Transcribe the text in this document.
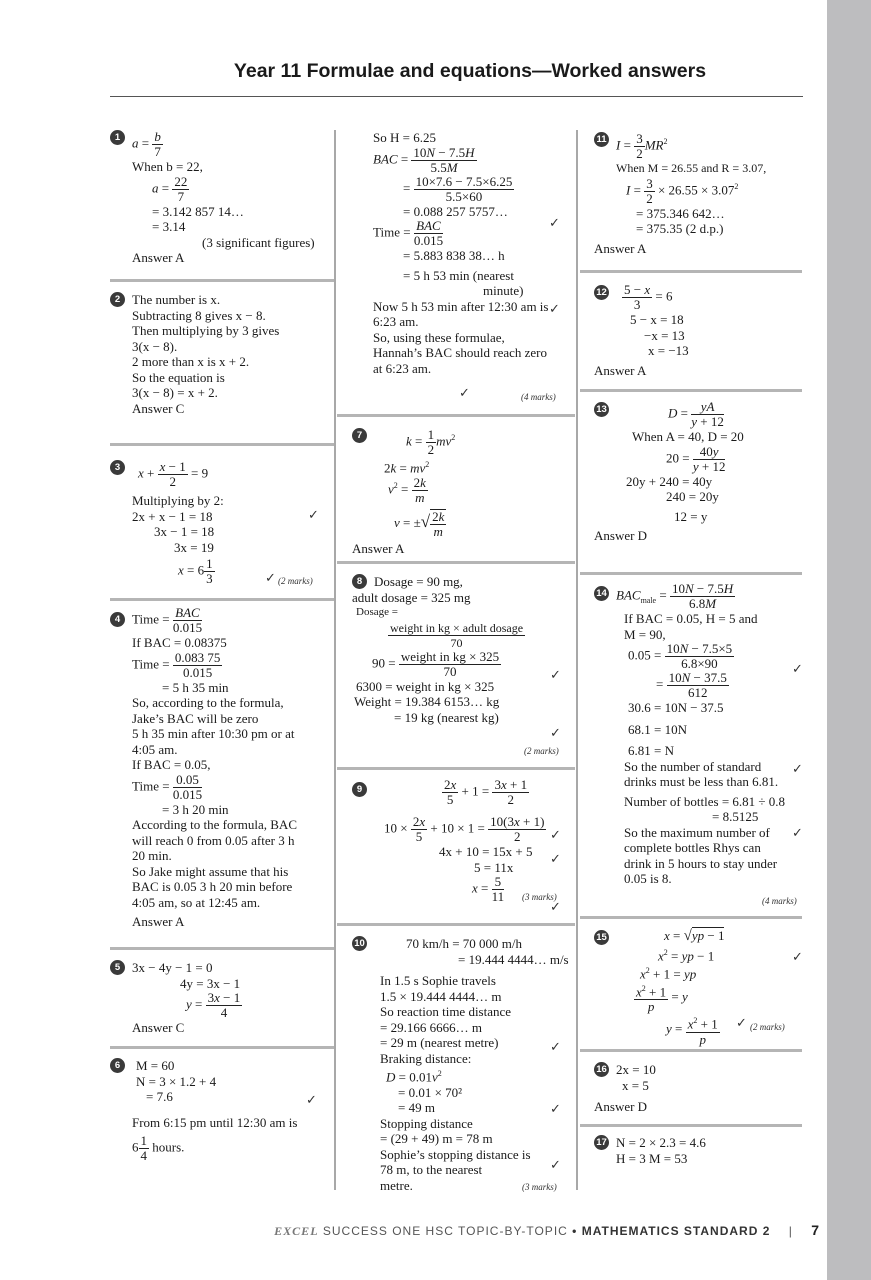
Year 11 Formulae and equations—Worked answers
1 $a = \frac{b}{7}$
When b = 22,
$a = \frac{22}{7}$
= 3.142 857 14…
= 3.14
(3 significant figures)
Answer A
2 The number is x.
Subtracting 8 gives x − 8.
Then multiplying by 3 gives
3(x − 8).
2 more than x is x + 2.
So the equation is
3(x − 8) = x + 2.
Answer C
3	$x + \frac{x - 1}{2} = 9$
Multiplying by 2:
2x + x − 1 = 18
3x − 1 = 18
3x = 19
$x = 6 \frac{1}{3}$
✓
✓ (2 marks)
4 Time = BAC
0.015
If BAC = 0.08375
Time = $\frac{0.083 75}{0.015}$
= 5 h 35 min
So, according to the formula,
Jake’s BAC will be zero
5 h 35 min after 10:30 pm or at
4:05 am.
If BAC = 0.05,
Time = $\frac{0.05}{0.015}$
= 3 h 20 min
According to the formula, BAC
will reach 0 from 0.05 after 3 h
20 min.
So Jake might assume that his
BAC is 0.05 3 h 20 min before
4:05 am, so at 12:45 am.
Answer A
5 3x − 4y − 1 = 0
4y = 3x − 1
$y = \frac{3x - 1}{4}$
Answer C
6	M = 60
N = 3 × 1.2 + 4
= 7.6
From 6:15 pm until 12:30 am is
$6 \frac{1}{4}$ hours.
✓
So H = 6.25
BAC = $\frac{10N - 7.5H}{5.5M}$
= $\frac{10\times 7.6 - 7.5\times 6.25}{5.5\times 60}$
= 0.088 257 5757…
Time = BAC
0.015
= 5.883 838 38… h
= 5 h 53 min (nearest
minute)
Now 5 h 53 min after 12:30 am is
6:23 am.
So, using these formulae,
Hannah’s BAC should reach zero
at 6:23 am.
✓
✓
✓	(4 marks)
7	$k = \frac{1}{2} mv^2$
$2k = mv^2$
$v^2 = \frac{2k}{m}$
v = ±√ $\frac{2k}{m}$
Answer A
8 Dosage = 90 mg,
adult dosage = 325 mg
Dosage =
weight in kg × adult dosage
70
90 = weight in kg × 325
70
6300 = weight in kg × 325
Weight = 19.384 6153… kg
= 19 kg (nearest kg)
✓
✓
(2 marks)
9	$\frac{2x}{5} + 1 = \frac{3x + 1}{2}$
$10 \times \frac{2x}{5} + 10 \times 1 = \frac{10(3x + 1)}{2}$
4x + 10 = 15x + 5
5 = 11x
$x = \frac{5}{11}$
✓
✓
✓
(3 marks)
10	70 km/h = 70 000 m/h
= 19.444 4444… m/s
In 1.5 s Sophie travels
1.5 × 19.444 4444… m
So reaction time distance
= 29.166 6666… m
= 29 m (nearest metre)
Braking distance:
$D = 0.01v^2$
= 0.01 × 70²
= 49 m
Stopping distance
= (29 + 49) m = 78 m
Sophie’s stopping distance is
78 m, to the nearest
metre.
✓
✓
✓
(3 marks)
11 $I = \frac{3}{2} MR^2$
When M = 26.55 and R = 3.07,
$I = \frac{3}{2} \times 26.55 \times 3.07^2$
= 375.346 642…
= 375.35 (2 d.p.)
Answer A
$12 \frac{5 - x}{3} = 6$
5 − x = 18
−x = 13
x = −13
Answer A
13	$D = \frac{yA}{y + 12}$
When A = 40, D = 20
$20 = \frac{40y}{y + 12}$
20y + 240 = 40y
240 = 20y
12 = y
Answer D
14 $BAC_{male} = \frac{10N - 7.5H}{6.8M}$
If BAC = 0.05, H = 5 and
M = 90,
$0.05 = \frac{10N - 7.5\times 5}{6.8\times 90}$
= $\frac{10N - 37.5}{612}$
30.6 = 10N − 37.5
68.1 = 10N
6.81 = N
So the number of standard
drinks must be less than 6.81.
Number of bottles = 6.81 ÷ 0.8
= 8.5125
So the maximum number of
complete bottles Rhys can
drink in 5 hours to stay under
0.05 is 8.
✓
✓
✓
(4 marks)
15	x = √yp − 1
$x^2$ = yp − 1
$x^2 + 1$ = yp
$\frac{x^2 + 1}{p} = y$
$y = \frac{x^2 + 1}{p}$
✓
✓ (2 marks)
16 2x = 10
x = 5
Answer D
17 N = 2 × 2.3 = 4.6
H = 3 M = 53
EXCEL SUCCESS ONE HSC TOPIC-BY-TOPIC • MATHEMATICS STANDARD 2 | 7
